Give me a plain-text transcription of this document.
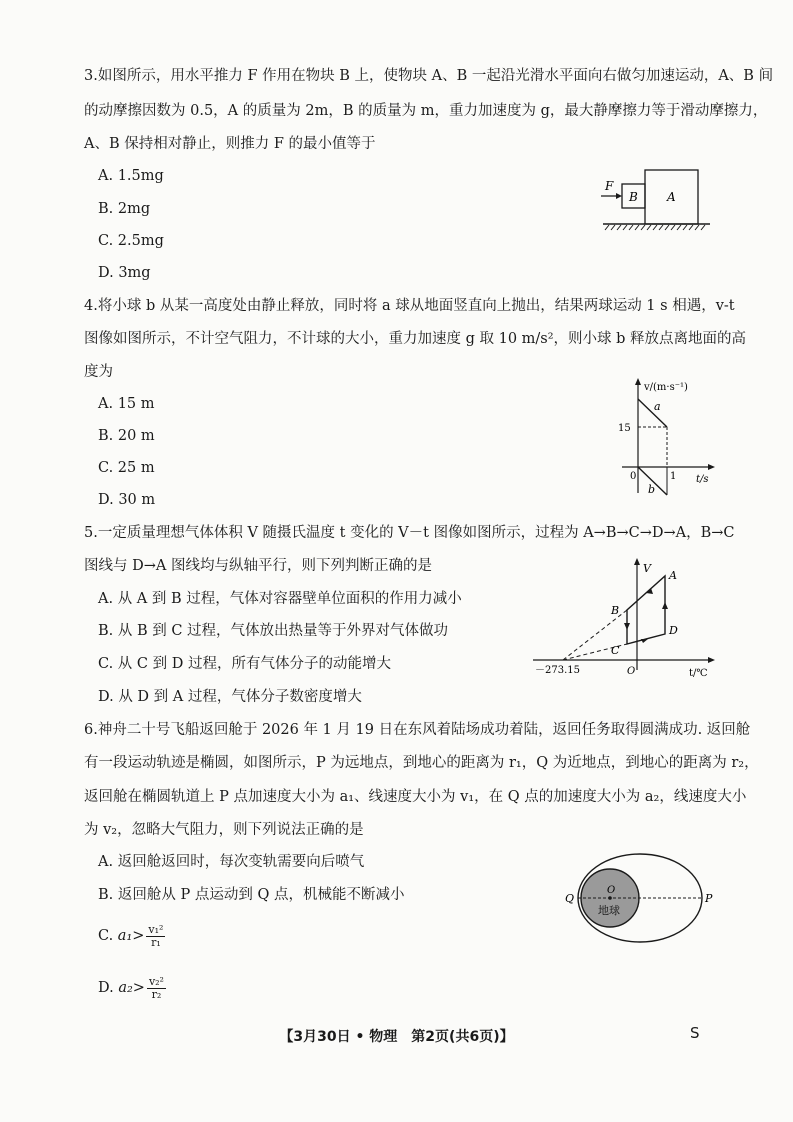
3.如图所示，用水平推力 F 作用在物块 B 上，使物块 A、B 一起沿光滑水平面向右做匀加速运动，A、B 间
的动摩擦因数为 0.5，A 的质量为 2m，B 的质量为 m，重力加速度为 g，最大静摩擦力等于滑动摩擦力，
A、B 保持相对静止，则推力 F 的最小值等于
A. 1.5mg
B. 2mg
C. 2.5mg
D. 3mg
F
B A
4.将小球 b 从某一高度处由静止释放，同时将 a 球从地面竖直向上抛出，结果两球运动 1 s 相遇，v-t
图像如图所示，不计空气阻力，不计球的大小，重力加速度 g 取 10 m/s²，则小球 b 释放点离地面的高
度为
A. 15 m
B. 20 m
C. 25 m
D. 30 m
v/(m·s⁻¹)
t/s
15
1
0
a
b
5.一定质量理想气体体积 V 随摄氏温度 t 变化的 V－t 图像如图所示，过程为 A→B→C→D→A，B→C
图线与 D→A 图线均与纵轴平行，则下列判断正确的是
A. 从 A 到 B 过程，气体对容器壁单位面积的作用力减小
B. 从 B 到 C 过程，气体放出热量等于外界对气体做功
C. 从 C 到 D 过程，所有气体分子的动能增大
D. 从 D 到 A 过程，气体分子数密度增大
V
t/℃
－273.15	O
A
B
C
D
6.神舟二十号飞船返回舱于 2026 年 1 月 19 日在东风着陆场成功着陆，返回任务取得圆满成功. 返回舱
有一段运动轨迹是椭圆，如图所示，P 为远地点，到地心的距离为 r₁，Q 为近地点，到地心的距离为 r₂，
返回舱在椭圆轨道上 P 点加速度大小为 a₁、线速度大小为 v₁，在 Q 点的加速度大小为 a₂，线速度大小
为 v₂，忽略大气阻力，则下列说法正确的是
A. 返回舱返回时，每次变轨需要向后喷气
B. 返回舱从 P 点运动到 Q 点，机械能不断减小
C. $a_1> \frac{\text{v₁²}}{\text{r₁}}$
D. $a_2> \frac{\text{v₂²}}{\text{r₂}}$
O
地球
Q	P
【3月30日 • 物理　第2页(共6页)】	S
